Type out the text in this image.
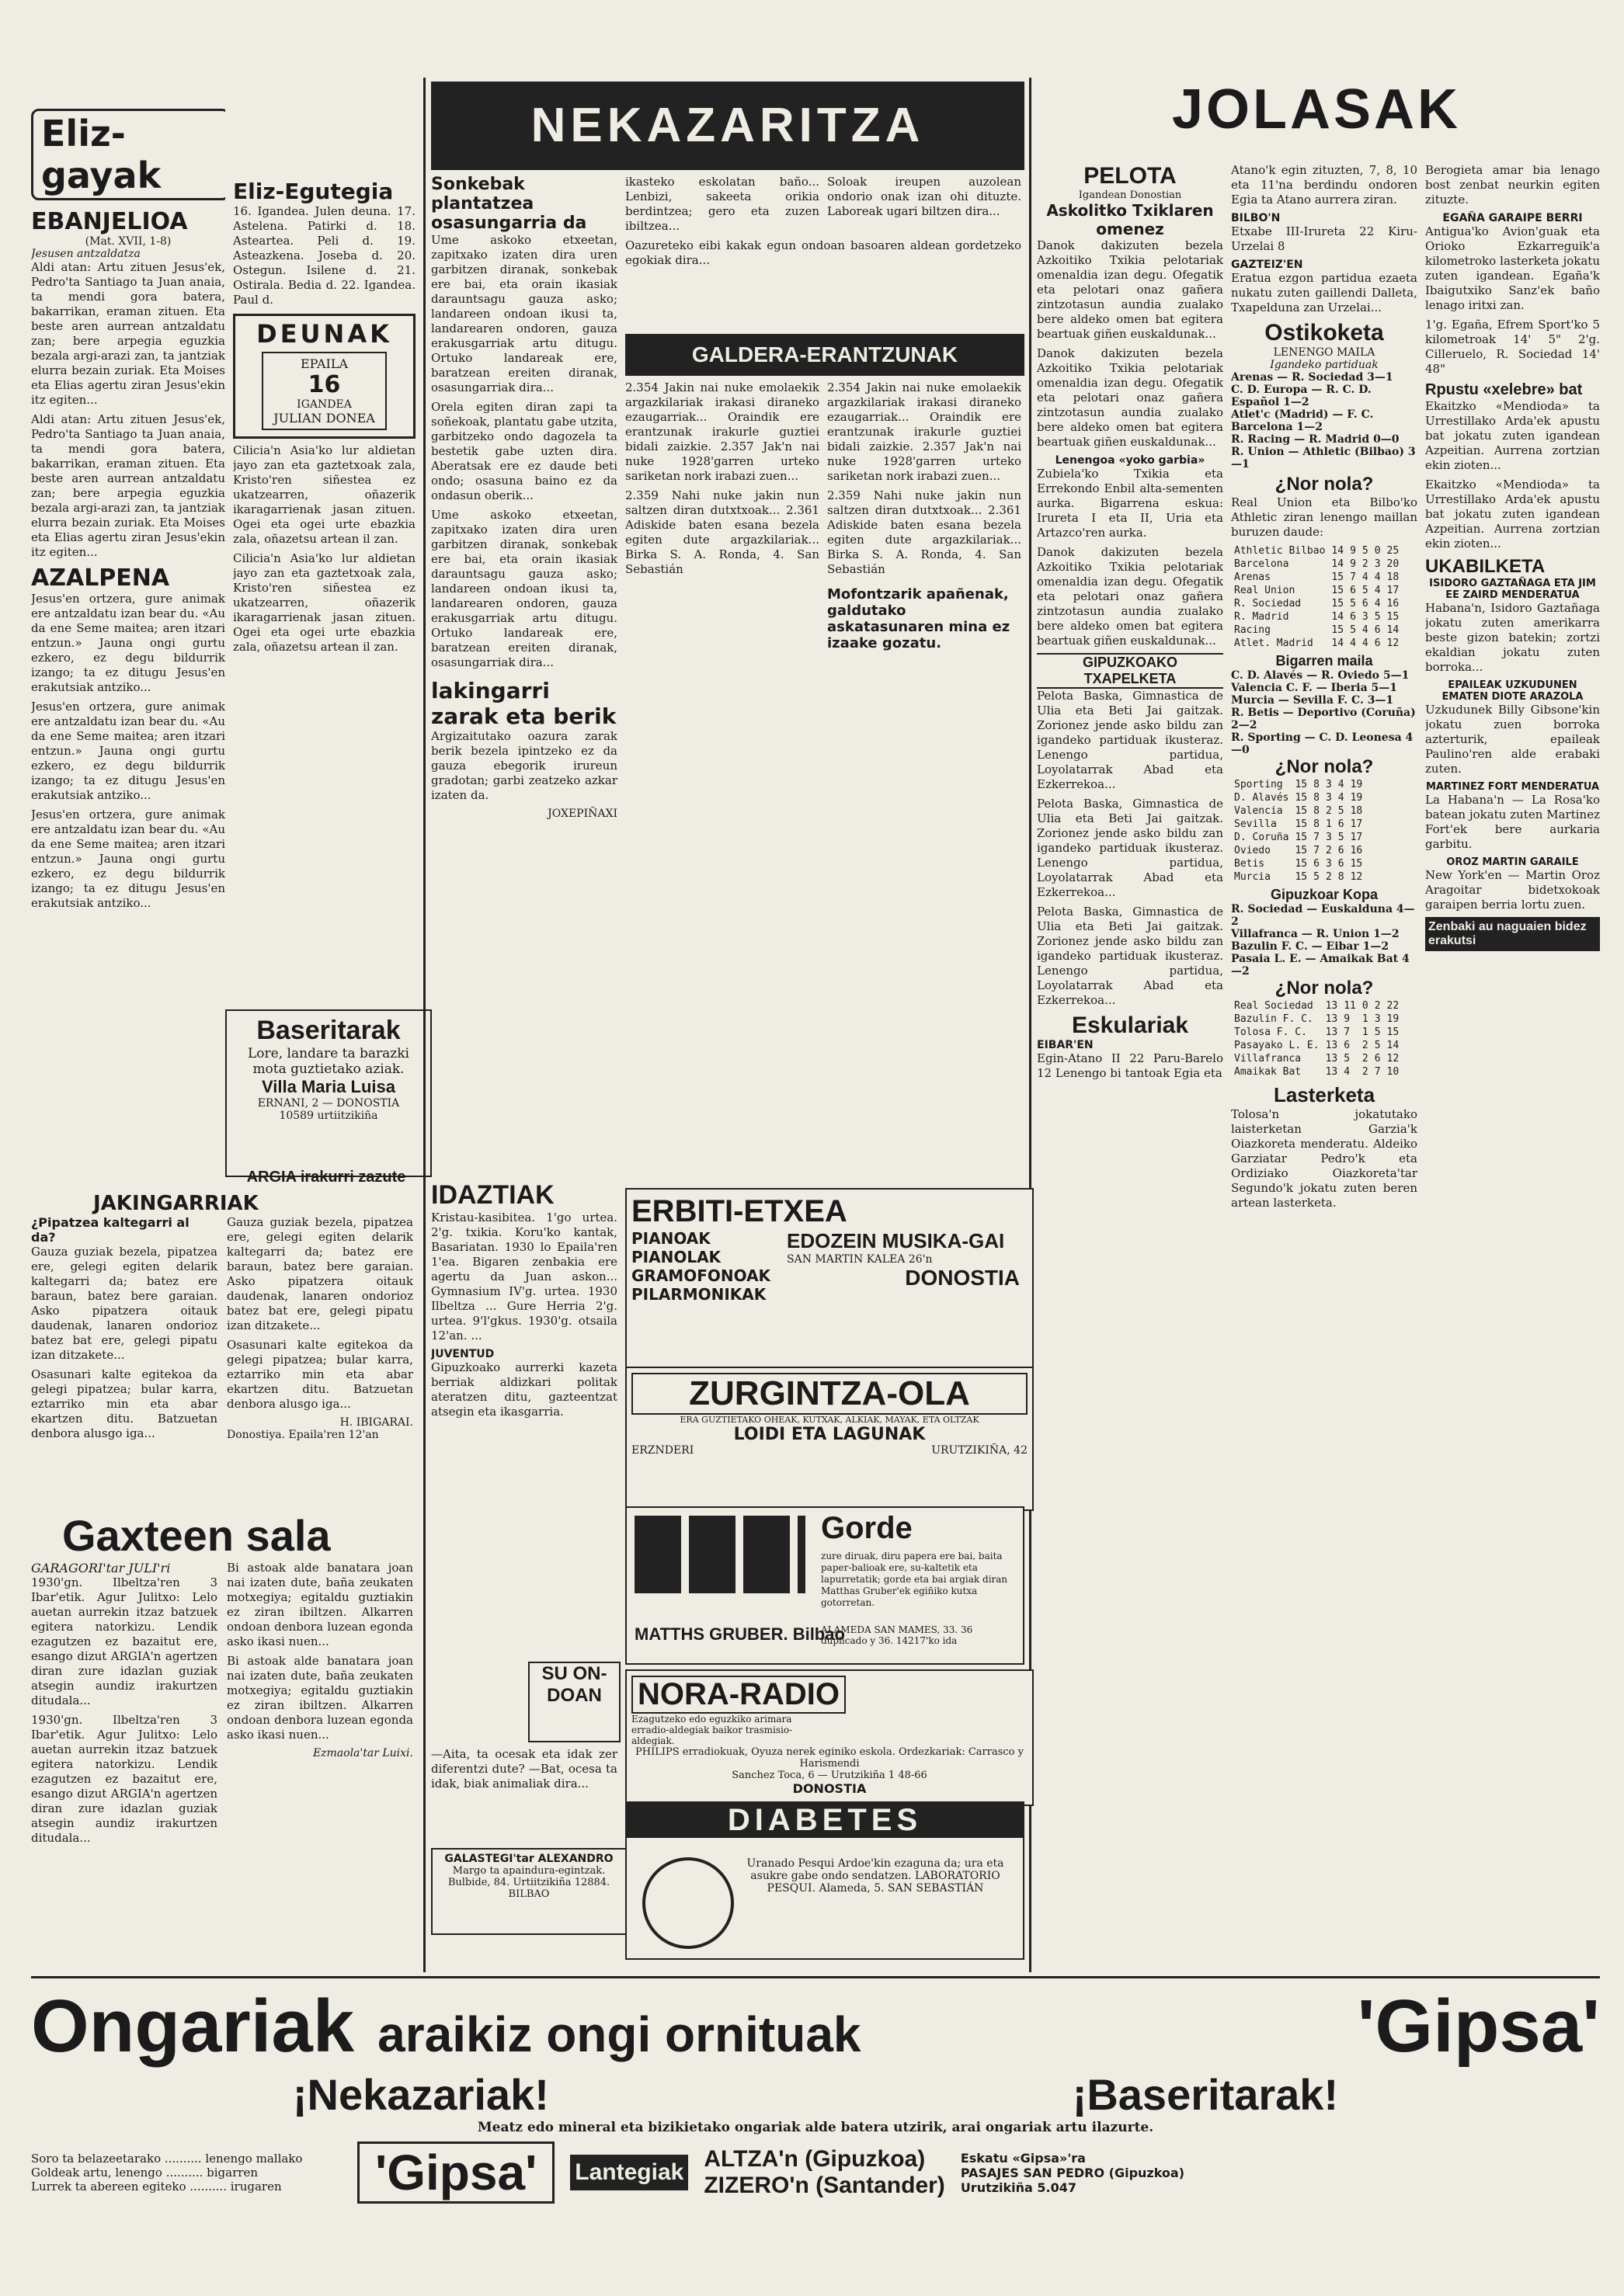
Eliz-gayak
EBANJELIOA
(Mat. XVII, 1-8)
Jesusen antzaldatza

Aldi atan: Artu zituen Jesus'ek, Pedro'ta Santiago ta Juan anaia, ta mendi gora batera, bakarrikan, eraman zituen. Eta beste aren aurrean antzaldatu zan; bere arpegia eguzkia bezala argi-arazi zan, ta jantziak elurra bezain zuriak. Eta Moises eta Elias agertu ziran Jesus'ekin itz egiten...

Aldi atan: Artu zituen Jesus'ek, Pedro'ta Santiago ta Juan anaia, ta mendi gora batera, bakarrikan, eraman zituen. Eta beste aren aurrean antzaldatu zan; bere arpegia eguzkia bezala argi-arazi zan, ta jantziak elurra bezain zuriak. Eta Moises eta Elias agertu ziran Jesus'ekin itz egiten...

AZALPENA

Jesus'en ortzera, gure animak ere antzaldatu izan bear du. «Au da ene Seme maitea; aren itzari entzun.» Jauna ongi gurtu ezkero, ez degu bildurrik izango; ta ez ditugu Jesus'en erakutsiak antziko...

Jesus'en ortzera, gure animak ere antzaldatu izan bear du. «Au da ene Seme maitea; aren itzari entzun.» Jauna ongi gurtu ezkero, ez degu bildurrik izango; ta ez ditugu Jesus'en erakutsiak antziko...

Jesus'en ortzera, gure animak ere antzaldatu izan bear du. «Au da ene Seme maitea; aren itzari entzun.» Jauna ongi gurtu ezkero, ez degu bildurrik izango; ta ez ditugu Jesus'en erakutsiak antziko...

Eliz-Egutegia

16. Igandea. Julen deuna. 17. Astelena. Patirki d. 18. Asteartea. Peli d. 19. Asteazkena. Joseba d. 20. Ostegun. Isilene d. 21. Ostirala. Bedia d. 22. Igandea. Paul d.

DEUNAK
EPAILA
16
IGANDEA
JULIAN DONEA

Cilicia'n Asia'ko lur aldietan jayo zan eta gaztetxoak zala, Kristo'ren siñestea ez ukatzearren, oñazerik ikaragarrienak jasan zituen. Ogei eta ogei urte ebazkia zala, oñazetsu artean il zan.

Cilicia'n Asia'ko lur aldietan jayo zan eta gaztetxoak zala, Kristo'ren siñestea ez ukatzearren, oñazerik ikaragarrienak jasan zituen. Ogei eta ogei urte ebazkia zala, oñazetsu artean il zan.

Baseritarak
Lore, landare ta barazki
mota guztietako aziak.
Villa Maria Luisa
ERNANI, 2 — DONOSTIA
10589 urtiitzikiña
ARGIA irakurri zazute
JAKINGARRIAK
¿Pipatzea kaltegarri al da?

Gauza guziak bezela, pipatzea ere, gelegi egiten delarik kaltegarri da; batez ere baraun, batez bere garaian. Asko pipatzera oitauk daudenak, lanaren ondorioz batez bat ere, gelegi pipatu izan ditzakete...

Osasunari kalte egitekoa da gelegi pipatzea; bular karra, eztarriko min eta abar ekartzen ditu. Batzuetan denbora alusgo iga...

Gauza guziak bezela, pipatzea ere, gelegi egiten delarik kaltegarri da; batez ere baraun, batez bere garaian. Asko pipatzera oitauk daudenak, lanaren ondorioz batez bat ere, gelegi pipatu izan ditzakete...

Osasunari kalte egitekoa da gelegi pipatzea; bular karra, eztarriko min eta abar ekartzen ditu. Batzuetan denbora alusgo iga...

H. IBIGARAI.
Donostiya. Epaila'ren 12'an
Gaxteen sala
GARAGORI'tar JULI'ri

1930'gn. Ilbeltza'ren 3 Ibar'etik. Agur Julitxo: Lelo auetan aurrekin itzaz batzuek egitera natorkizu. Lendik ezagutzen ez bazaitut ere, esango dizut ARGIA'n agertzen diran zure idazlan guziak atsegin aundiz irakurtzen ditudala...

1930'gn. Ilbeltza'ren 3 Ibar'etik. Agur Julitxo: Lelo auetan aurrekin itzaz batzuek egitera natorkizu. Lendik ezagutzen ez bazaitut ere, esango dizut ARGIA'n agertzen diran zure idazlan guziak atsegin aundiz irakurtzen ditudala...

Bi astoak alde banatara joan nai izaten dute, baña zeukaten motxegiya; egitaldu guztiakin ez ziran ibiltzen. Alkarren ondoan denbora luzean egonda asko ikasi nuen...

Bi astoak alde banatara joan nai izaten dute, baña zeukaten motxegiya; egitaldu guztiakin ez ziran ibiltzen. Alkarren ondoan denbora luzean egonda asko ikasi nuen...

Ezmaola'tar Luixi.
NEKAZARITZA
Sonkebak plantatzea osasungarria da

Ume askoko etxeetan, zapitxako izaten dira uren garbitzen diranak, sonkebak ere bai, eta orain ikasiak darauntsagu gauza asko; landareen ondoan ikusi ta, landarearen ondoren, gauza erakusgarriak artu ditugu. Ortuko landareak ere, baratzean ereiten diranak, osasungarriak dira...

Orela egiten diran zapi ta soñekoak, plantatu gabe utzita, garbitzeko ondo dagozela ta bestetik gabe uzten dira. Aberatsak ere ez daude beti ondo; osasuna baino ez da ondasun oberik...

Ume askoko etxeetan, zapitxako izaten dira uren garbitzen diranak, sonkebak ere bai, eta orain ikasiak darauntsagu gauza asko; landareen ondoan ikusi ta, landarearen ondoren, gauza erakusgarriak artu ditugu. Ortuko landareak ere, baratzean ereiten diranak, osasungarriak dira...

lakingarri zarak eta berik

Argizaitutako oazura zarak berik bezela ipintzeko ez da gauza ebegorik irureun gradotan; garbi zeatzeko azkar izaten da.

JOXEPIÑAXI

ikasteko eskolatan baño... Lenbizi, sakeeta orikia berdintzea; gero eta zuzen ibiltzea...

Soloak ireupen auzolean ondorio onak izan ohi dituzte. Laboreak ugari biltzen dira...

Oazureteko eibi kakak egun ondoan basoaren aldean gordetzeko egokiak dira...

GALDERA-ERANTZUNAK

2.354 Jakin nai nuke emolaekik argazkilariak irakasi diraneko ezaugarriak... Oraindik ere erantzunak irakurle guztiei bidali zaizkie. 2.357 Jak'n nai nuke 1928'garren urteko sariketan nork irabazi zuen...

2.359 Nahi nuke jakin nun saltzen diran dutxtxoak... 2.361 Adiskide baten esana bezela egiten dute argazkilariak... Birka S. A. Ronda, 4. San Sebastián

2.354 Jakin nai nuke emolaekik argazkilariak irakasi diraneko ezaugarriak... Oraindik ere erantzunak irakurle guztiei bidali zaizkie. 2.357 Jak'n nai nuke 1928'garren urteko sariketan nork irabazi zuen...

2.359 Nahi nuke jakin nun saltzen diran dutxtxoak... 2.361 Adiskide baten esana bezela egiten dute argazkilariak... Birka S. A. Ronda, 4. San Sebastián

Mofontzarik apañenak, galdutako askatasunaren mina ez izaake gozatu.
IDAZTIAK

Kristau-kasibitea. 1'go urtea. 2'g. txikia. Koru'ko kantak, Basariatan. 1930 lo Epaila'ren 1'ea. Bigaren zenbakia ere agertu da Juan askon... Gymnasium IV'g. urtea. 1930 Ilbeltza ... Gure Herria 2'g. urtea. 9'l'gkus. 1930'g. otsaila 12'an. ...

JUVENTUD

Gipuzkoako aurrerki kazeta berriak aldizkari politak ateratzen ditu, gazteentzat atsegin eta ikasgarria.

SU ON-DOAN

—Aita, ta ocesak eta idak zer diferentzi dute? —Bat, ocesa ta idak, biak animaliak dira...

GALASTEGI'tar ALEXANDRO
Margo ta apaindura-egintzak. Bulbide, 84. Urtiitzikiña 12884. BILBAO
ERBITI-ETXEA
PIANOAK
PIANOLAK
GRAMOFONOAK
PILARMONIKAK
EDOZEIN MUSIKA-GAI
SAN MARTIN KALEA 26'n
DONOSTIA
ZURGINTZA-OLA
ERA GUZTIETAKO OHEAK, KUTXAK, ALKIAK, MAYAK, ETA OLTZAK
LOIDI ETA LAGUNAK
ERZNDERI	URUTZIKIÑA, 42
Gorde
zure diruak, diru papera ere bai, baita paper-balioak ere, su-kaltetik eta lapurretatik; gorde eta bai argiak diran Matthas Gruber'ek egiñiko kutxa gotorretan.
MATTHS GRUBER. Bilbao
ALAMEDA SAN MAMES, 33. 36 duplicado y 36. 14217'ko ida
NORA-RADIO Ezagutzeko edo eguzkiko arimara erradio-aldegiak baikor trasmisio-aldegiak.
PHILIPS erradiokuak, Oyuza nerek eginiko eskola. Ordezkariak: Carrasco y Harismendi
Sanchez Toca, 6 — Urutzikiña 1 48-66
DONOSTIA
DIABETES
Uranado Pesqui Ardoe'kin ezaguna da; ura eta asukre gabe ondo sendatzen. LABORATORIO PESQUI. Alameda, 5. SAN SEBASTIÁN
JOLASAK
PELOTA
Igandean Donostian
Askolitko Txiklaren omenez

Danok dakizuten bezela Azkoitiko Txikia pelotariak omenaldia izan degu. Ofegatik eta pelotari onaz gañera zintzotasun aundia zualako bere aldeko omen bat egitera beartuak giñen euskaldunak...

Danok dakizuten bezela Azkoitiko Txikia pelotariak omenaldia izan degu. Ofegatik eta pelotari onaz gañera zintzotasun aundia zualako bere aldeko omen bat egitera beartuak giñen euskaldunak...

Lenengoa «yoko garbia»

Zubiela'ko Txikia eta Errekondo Enbil alta-sementen aurka. Bigarrena eskua: Irureta I eta II, Uria eta Artazco'ren aurka.

Danok dakizuten bezela Azkoitiko Txikia pelotariak omenaldia izan degu. Ofegatik eta pelotari onaz gañera zintzotasun aundia zualako bere aldeko omen bat egitera beartuak giñen euskaldunak...

GIPUZKOAKO TXAPELKETA

Pelota Baska, Gimnastica de Ulia eta Beti Jai gaitzak. Zorionez jende asko bildu zan igandeko partiduak ikusteraz. Lenengo partidua, Loyolatarrak Abad eta Ezkerrekoa...

Pelota Baska, Gimnastica de Ulia eta Beti Jai gaitzak. Zorionez jende asko bildu zan igandeko partiduak ikusteraz. Lenengo partidua, Loyolatarrak Abad eta Ezkerrekoa...

Pelota Baska, Gimnastica de Ulia eta Beti Jai gaitzak. Zorionez jende asko bildu zan igandeko partiduak ikusteraz. Lenengo partidua, Loyolatarrak Abad eta Ezkerrekoa...

Eskulariak
EIBAR'EN

Egin-Atano II 22 Paru-Barelo 12 Lenengo bi tantoak Egia eta

Atano'k egin zituzten, 7, 8, 10 eta 11'na berdindu ondoren Egia ta Atano aurrera ziran.

BILBO'N

Etxabe III-Irureta 22 Kiru-Urzelai 8

GAZTEIZ'EN

Eratua ezgon partidua ezaeta nukatu zuten gaillendi Dalleta, Txapelduna zan Urzelai...

Ostikoketa
LENENGO MAILA
Igandeko partiduak
Arenas — R. Sociedad 3—1
C. D. Europa — R. C. D. Español 1—2
Atlet'c (Madrid) — F. C. Barcelona 1—2
R. Racing — R. Madrid 0—0
R. Union — Athletic (Bilbao) 3—1
¿Nor nola?

Real Union eta Bilbo'ko Athletic ziran lenengo maillan buruzen daude:

Athletic Bilbao	14	9	5	0	25
Barcelona	14	9	2	3	20
Arenas	15	7	4	4	18
Real Union	15	6	5	4	17
R. Sociedad	15	5	6	4	16
R. Madrid	14	6	3	5	15
Racing	15	5	4	6	14
Atlet. Madrid	14	4	4	6	12
Bigarren maila
C. D. Alavés — R. Oviedo 5—1
Valencia C. F. — Iberia 5—1
Murcia — Sevilla F. C. 3—1
R. Betis — Deportivo (Coruña) 2—2
R. Sporting — C. D. Leonesa 4—0
¿Nor nola?
Sporting	15	8	3	4	19
D. Alavés	15	8	3	4	19
Valencia	15	8	2	5	18
Sevilla	15	8	1	6	17
D. Coruña	15	7	3	5	17
Oviedo	15	7	2	6	16
Betis	15	6	3	6	15
Murcia	15	5	2	8	12
Gipuzkoar Kopa
R. Sociedad — Euskalduna 4—2
Villafranca — R. Union 1—2
Bazulin F. C. — Eibar 1—2
Pasaia L. E. — Amaikak Bat 4—2
¿Nor nola?
Real Sociedad	13	11	0	2	22
Bazulin F. C.	13	9	1	3	19
Tolosa F. C.	13	7	1	5	15
Pasayako L. E.	13	6	2	5	14
Villafranca	13	5	2	6	12
Amaikak Bat	13	4	2	7	10
Lasterketa

Tolosa'n jokatutako laisterketan Garzia'k Oiazkoreta menderatu. Aldeiko Garziatar Pedro'k eta Ordiziako Oiazkoreta'tar Segundo'k jokatu zuten beren artean lasterketa.

Berogieta amar bia lenago bost zenbat neurkin egiten zituzte.

EGAÑA GARAIPE BERRI

Antigua'ko Avion'guak eta Orioko Ezkarreguik'a kilometroko lasterketa jokatu zuten igandean. Egaña'k Ibaigutxiko Sanz'ek baño lenago iritxi zan.

1'g. Egaña, Efrem Sport'ko 5 kilometroak 14' 5" 2'g. Cilleruelo, R. Sociedad 14' 48"

Rpustu «xelebre» bat

Ekaitzko «Mendioda» ta Urrestillako Arda'ek apustu bat jokatu zuten igandean Azpeitian. Aurrena zortzian ekin zioten...

Ekaitzko «Mendioda» ta Urrestillako Arda'ek apustu bat jokatu zuten igandean Azpeitian. Aurrena zortzian ekin zioten...

UKABILKETA
ISIDORO GAZTAÑAGA ETA JIM EE ZAIRD MENDERATUA

Habana'n, Isidoro Gaztañaga jokatu zuten amerikarra beste gizon batekin; zortzi ekaldian jokatu zuten borroka...

EPAILEAK UZKUDUNEN EMATEN DIOTE ARAZOLA

Uzkudunek Billy Gibsone'kin jokatu zuen borroka azterturik, epaileak Paulino'ren alde erabaki zuten.

MARTINEZ FORT MENDERATUA

La Habana'n — La Rosa'ko batean jokatu zuten Martinez Fort'ek bere aurkaria garbitu.

OROZ MARTIN GARAILE

New York'en — Martin Oroz Aragoitar bidetxokoak garaipen berria lortu zuen.

Zenbaki au naguaien bidez erakutsi
Ongariak araikiz ongi ornituak	'Gipsa'
¡Nekazariak!	¡Baseritarak!
Meatz edo mineral eta bizikietako ongariak alde batera utzirik, arai ongariak artu ilazurte.
Soro ta belazeetarako .......... lenengo mallako
Goldeak artu, lenengo .......... bigarren
Lurrek ta abereen egiteko .......... irugaren	'Gipsa'	Lantegiak
ALTZA'n (Gipuzkoa)
ZIZERO'n (Santander)
Eskatu «Gipsa»'ra
PASAJES SAN PEDRO (Gipuzkoa)
Urutzikiña 5.047
